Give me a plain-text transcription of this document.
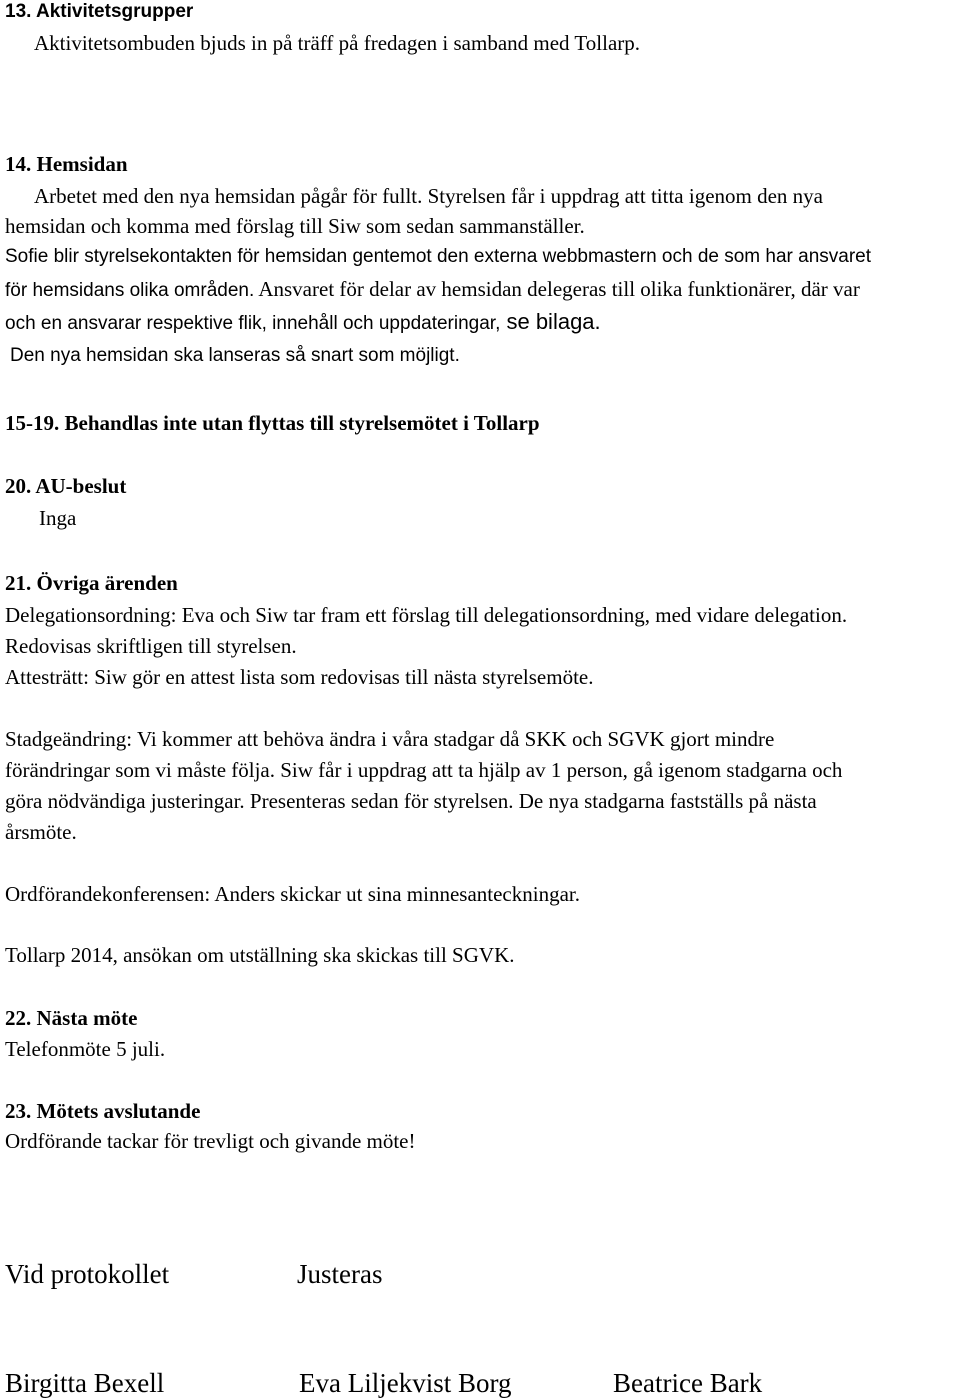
13. Aktivitetsgrupper
Aktivitetsombuden bjuds in på träff på fredagen i samband med Tollarp.
14. Hemsidan
Arbetet med den nya hemsidan pågår för fullt. Styrelsen får i uppdrag att titta igenom den nya
hemsidan och komma med förslag till Siw som sedan sammanställer.
Sofie blir styrelsekontakten för hemsidan gentemot den externa webbmastern och de som har ansvaret
för hemsidans olika områden. Ansvaret för delar av hemsidan delegeras till olika funktionärer, där var
och en ansvarar respektive flik, innehåll och uppdateringar, se bilaga.
Den nya hemsidan ska lanseras så snart som möjligt.
15-19. Behandlas inte utan flyttas till styrelsemötet i Tollarp
20. AU-beslut
Inga
21. Övriga ärenden
Delegationsordning: Eva och Siw tar fram ett förslag till delegationsordning, med vidare delegation.
Redovisas skriftligen till styrelsen.
Attesträtt: Siw gör en attest lista som redovisas till nästa styrelsemöte.
Stadgeändring: Vi kommer att behöva ändra i våra stadgar då SKK och SGVK gjort mindre
förändringar som vi måste följa. Siw får i uppdrag att ta hjälp av 1 person, gå igenom stadgarna och
göra nödvändiga justeringar. Presenteras sedan för styrelsen. De nya stadgarna fastställs på nästa
årsmöte.
Ordförandekonferensen: Anders skickar ut sina minnesanteckningar.
Tollarp 2014, ansökan om utställning ska skickas till SGVK.
22. Nästa möte
Telefonmöte 5 juli.
23. Mötets avslutande
Ordförande tackar för trevligt och givande möte!
Vid protokollet	Justeras
Birgitta Bexell	Eva Liljekvist Borg	Beatrice Bark
